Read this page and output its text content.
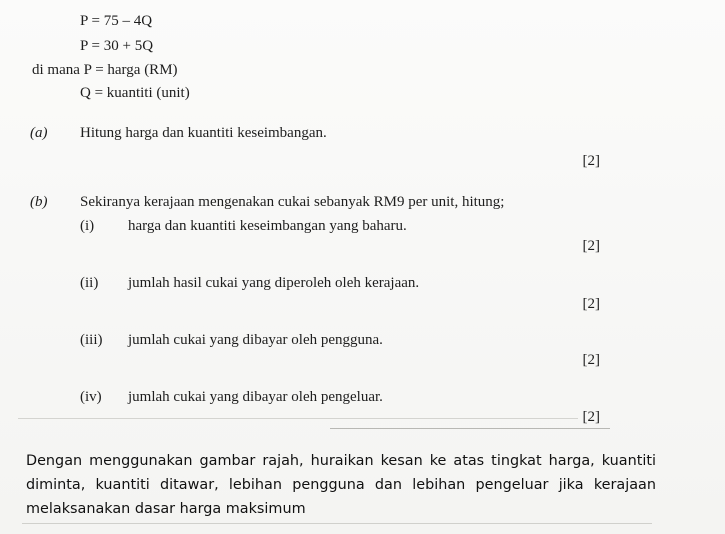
P = 75 – 4Q
P = 30 + 5Q
di mana P = harga (RM)
Q = kuantiti (unit)
(a) Hitung harga dan kuantiti keseimbangan.
[2]
(b) Sekiranya kerajaan mengenakan cukai sebanyak RM9 per unit, hitung;
(i) harga dan kuantiti keseimbangan yang baharu.
[2]
(ii) jumlah hasil cukai yang diperoleh oleh kerajaan.
[2]
(iii) jumlah cukai yang dibayar oleh pengguna.
[2]
(iv) jumlah cukai yang dibayar oleh pengeluar.
[2]
Dengan menggunakan gambar rajah, huraikan kesan ke atas tingkat harga, kuantiti
diminta, kuantiti ditawar, lebihan pengguna dan lebihan pengeluar jika kerajaan
melaksanakan dasar harga maksimum
